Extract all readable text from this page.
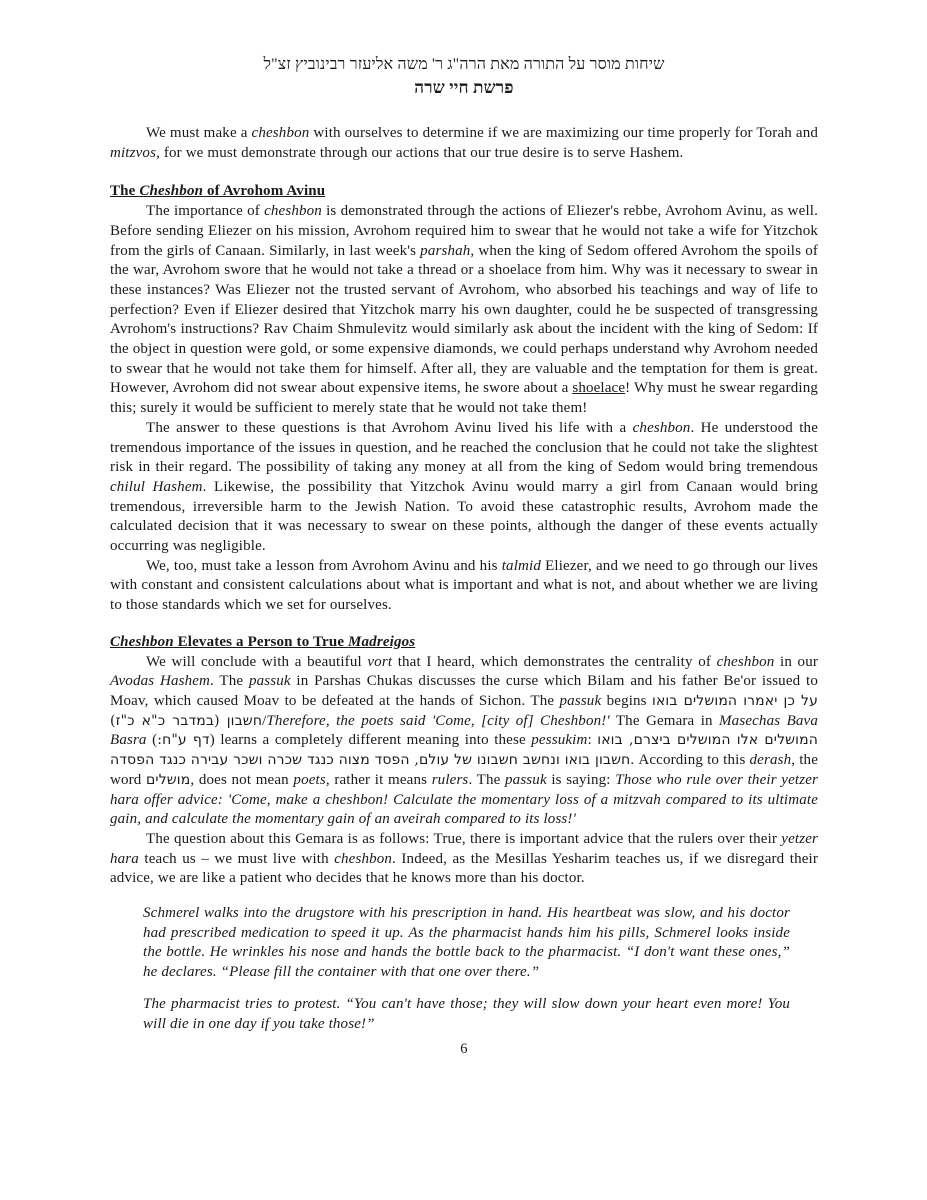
שיחות מוסר על התורה מאת הרה"ג ר' משה אליעזר רבינוביץ זצ"ל
פרשת חיי שרה

We must make a cheshbon with ourselves to determine if we are maximizing our time properly for Torah and mitzvos, for we must demonstrate through our actions that our true desire is to serve Hashem.

The Cheshbon of Avrohom Avinu

The importance of cheshbon is demonstrated through the actions of Eliezer's rebbe, Avrohom Avinu, as well. Before sending Eliezer on his mission, Avrohom required him to swear that he would not take a wife for Yitzchok from the girls of Canaan. Similarly, in last week's parshah, when the king of Sedom offered Avrohom the spoils of the war, Avrohom swore that he would not take a thread or a shoelace from him. Why was it necessary to swear in these instances? Was Eliezer not the trusted servant of Avrohom, who absorbed his teachings and way of life to perfection? Even if Eliezer desired that Yitzchok marry his own daughter, could he be suspected of transgressing Avrohom's instructions? Rav Chaim Shmulevitz would similarly ask about the incident with the king of Sedom: If the object in question were gold, or some expensive diamonds, we could perhaps understand why Avrohom needed to swear that he would not take them for himself. After all, they are valuable and the temptation for them is great. However, Avrohom did not swear about expensive items, he swore about a shoelace! Why must he swear regarding this; surely it would be sufficient to merely state that he would not take them!

The answer to these questions is that Avrohom Avinu lived his life with a cheshbon. He understood the tremendous importance of the issues in question, and he reached the conclusion that he could not take the slightest risk in their regard. The possibility of taking any money at all from the king of Sedom would bring tremendous chilul Hashem. Likewise, the possibility that Yitzchok Avinu would marry a girl from Canaan would bring tremendous, irreversible harm to the Jewish Nation. To avoid these catastrophic results, Avrohom made the calculated decision that it was necessary to swear on these points, although the danger of these events actually occurring was negligible.

We, too, must take a lesson from Avrohom Avinu and his talmid Eliezer, and we need to go through our lives with constant and consistent calculations about what is important and what is not, and about whether we are living to those standards which we set for ourselves.

Cheshbon Elevates a Person to True Madreigos

We will conclude with a beautiful vort that I heard, which demonstrates the centrality of cheshbon in our Avodas Hashem. The passuk in Parshas Chukas discusses the curse which Bilam and his father Be'or issued to Moav, which caused Moav to be defeated at the hands of Sichon. The passuk begins על כן יאמרו המושלים בואו חשבון (במדבר כ"א כ"ז)/Therefore, the poets said 'Come, [city of] Cheshbon!' The Gemara in Masechas Bava Basra (דף ע"ח:) learns a completely different meaning into these pessukim: המושלים אלו המושלים ביצרם, בואו חשבון בואו ונחשב חשבונו של עולם, הפסד מצוה כנגד שכרה ושכר עבירה כנגד הפסדה. According to this derash, the word מושלים, does not mean poets, rather it means rulers. The passuk is saying: Those who rule over their yetzer hara offer advice: 'Come, make a cheshbon! Calculate the momentary loss of a mitzvah compared to its ultimate gain, and calculate the momentary gain of an aveirah compared to its loss!'

The question about this Gemara is as follows: True, there is important advice that the rulers over their yetzer hara teach us – we must live with cheshbon. Indeed, as the Mesillas Yesharim teaches us, if we disregard their advice, we are like a patient who decides that he knows more than his doctor.

Schmerel walks into the drugstore with his prescription in hand. His heartbeat was slow, and his doctor had prescribed medication to speed it up. As the pharmacist hands him his pills, Schmerel looks inside the bottle. He wrinkles his nose and hands the bottle back to the pharmacist. “I don't want these ones,” he declares. “Please fill the container with that one over there.”

The pharmacist tries to protest. “You can't have those; they will slow down your heart even more! You will die in one day if you take those!”

6
